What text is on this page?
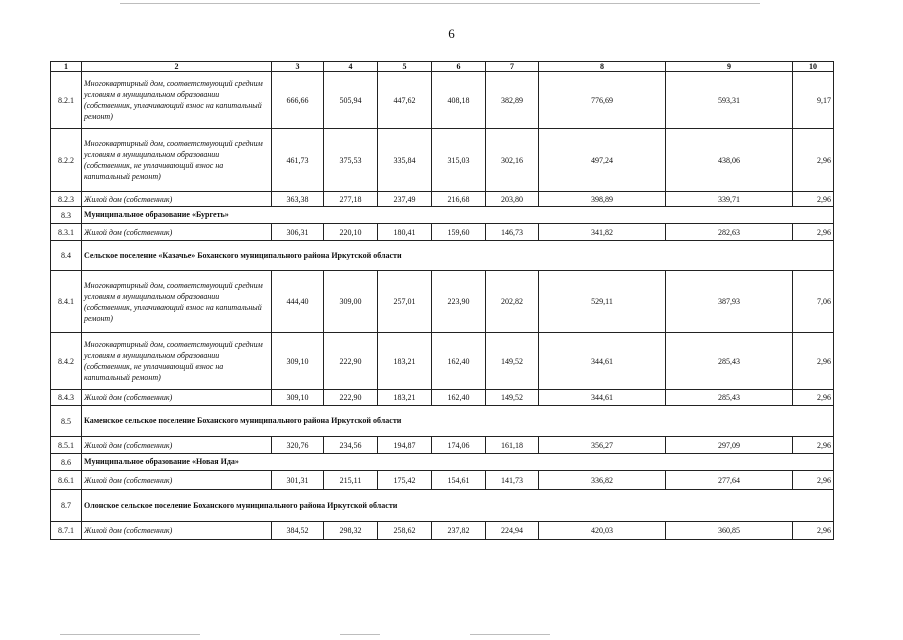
6
1	2	3	4	5	6	7	8	9	10
8.2.1	Многоквартирный дом, соответствующий средним условиям в муниципальном образовании (собственник, уплачивающий взнос на капитальный ремонт)	666,66	505,94	447,62	408,18	382,89	776,69	593,31	9,17
8.2.2	Многоквартирный дом, соответствующий средним условиям в муниципальном образовании (собственник, не уплачивающий взнос на капитальный ремонт)	461,73	375,53	335,84	315,03	302,16	497,24	438,06	2,96
8.2.3	Жилой дом (собственник)	363,38	277,18	237,49	216,68	203,80	398,89	339,71	2,96
8.3	Муниципальное образование «Бургеть»								
8.3.1	Жилой дом (собственник)	306,31	220,10	180,41	159,60	146,73	341,82	282,63	2,96
8.4	Сельское поселение «Казачье» Боханского муниципального района Иркутской области								
8.4.1	Многоквартирный дом, соответствующий средним условиям в муниципальном образовании (собственник, уплачивающий взнос на капитальный ремонт)	444,40	309,00	257,01	223,90	202,82	529,11	387,93	7,06
8.4.2	Многоквартирный дом, соответствующий средним условиям в муниципальном образовании (собственник, не уплачивающий взнос на капитальный ремонт)	309,10	222,90	183,21	162,40	149,52	344,61	285,43	2,96
8.4.3	Жилой дом (собственник)	309,10	222,90	183,21	162,40	149,52	344,61	285,43	2,96
8.5	Каменское сельское поселение Боханского муниципального района Иркутской области								
8.5.1	Жилой дом (собственник)	320,76	234,56	194,87	174,06	161,18	356,27	297,09	2,96
8.6	Муниципальное образование «Новая Ида»								
8.6.1	Жилой дом (собственник)	301,31	215,11	175,42	154,61	141,73	336,82	277,64	2,96
8.7	Олонское сельское поселение Боханского муниципального района Иркутской области								
8.7.1	Жилой дом (собственник)	384,52	298,32	258,62	237,82	224,94	420,03	360,85	2,96
